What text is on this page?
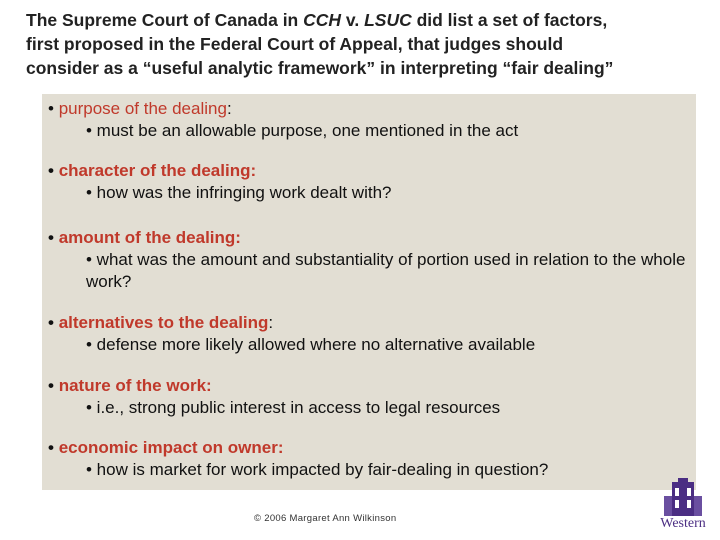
The Supreme Court of Canada in CCH v. LSUC did list a set of factors,
first proposed in the Federal Court of Appeal, that judges should
consider as a “useful analytic framework” in interpreting “fair dealing”
• purpose of the dealing:
• must be an allowable purpose, one mentioned in the act
• character of the dealing:
• how was the infringing work dealt with?
• amount of the dealing:
• what was the amount and substantiality of portion used in relation to the whole work?
• alternatives to the dealing:
• defense more likely allowed where no alternative available
• nature of the work:
• i.e., strong public interest in access to legal resources
• economic impact on owner:
• how is market for work impacted by fair-dealing in question?
© 2006 Margaret Ann Wilkinson	Western
